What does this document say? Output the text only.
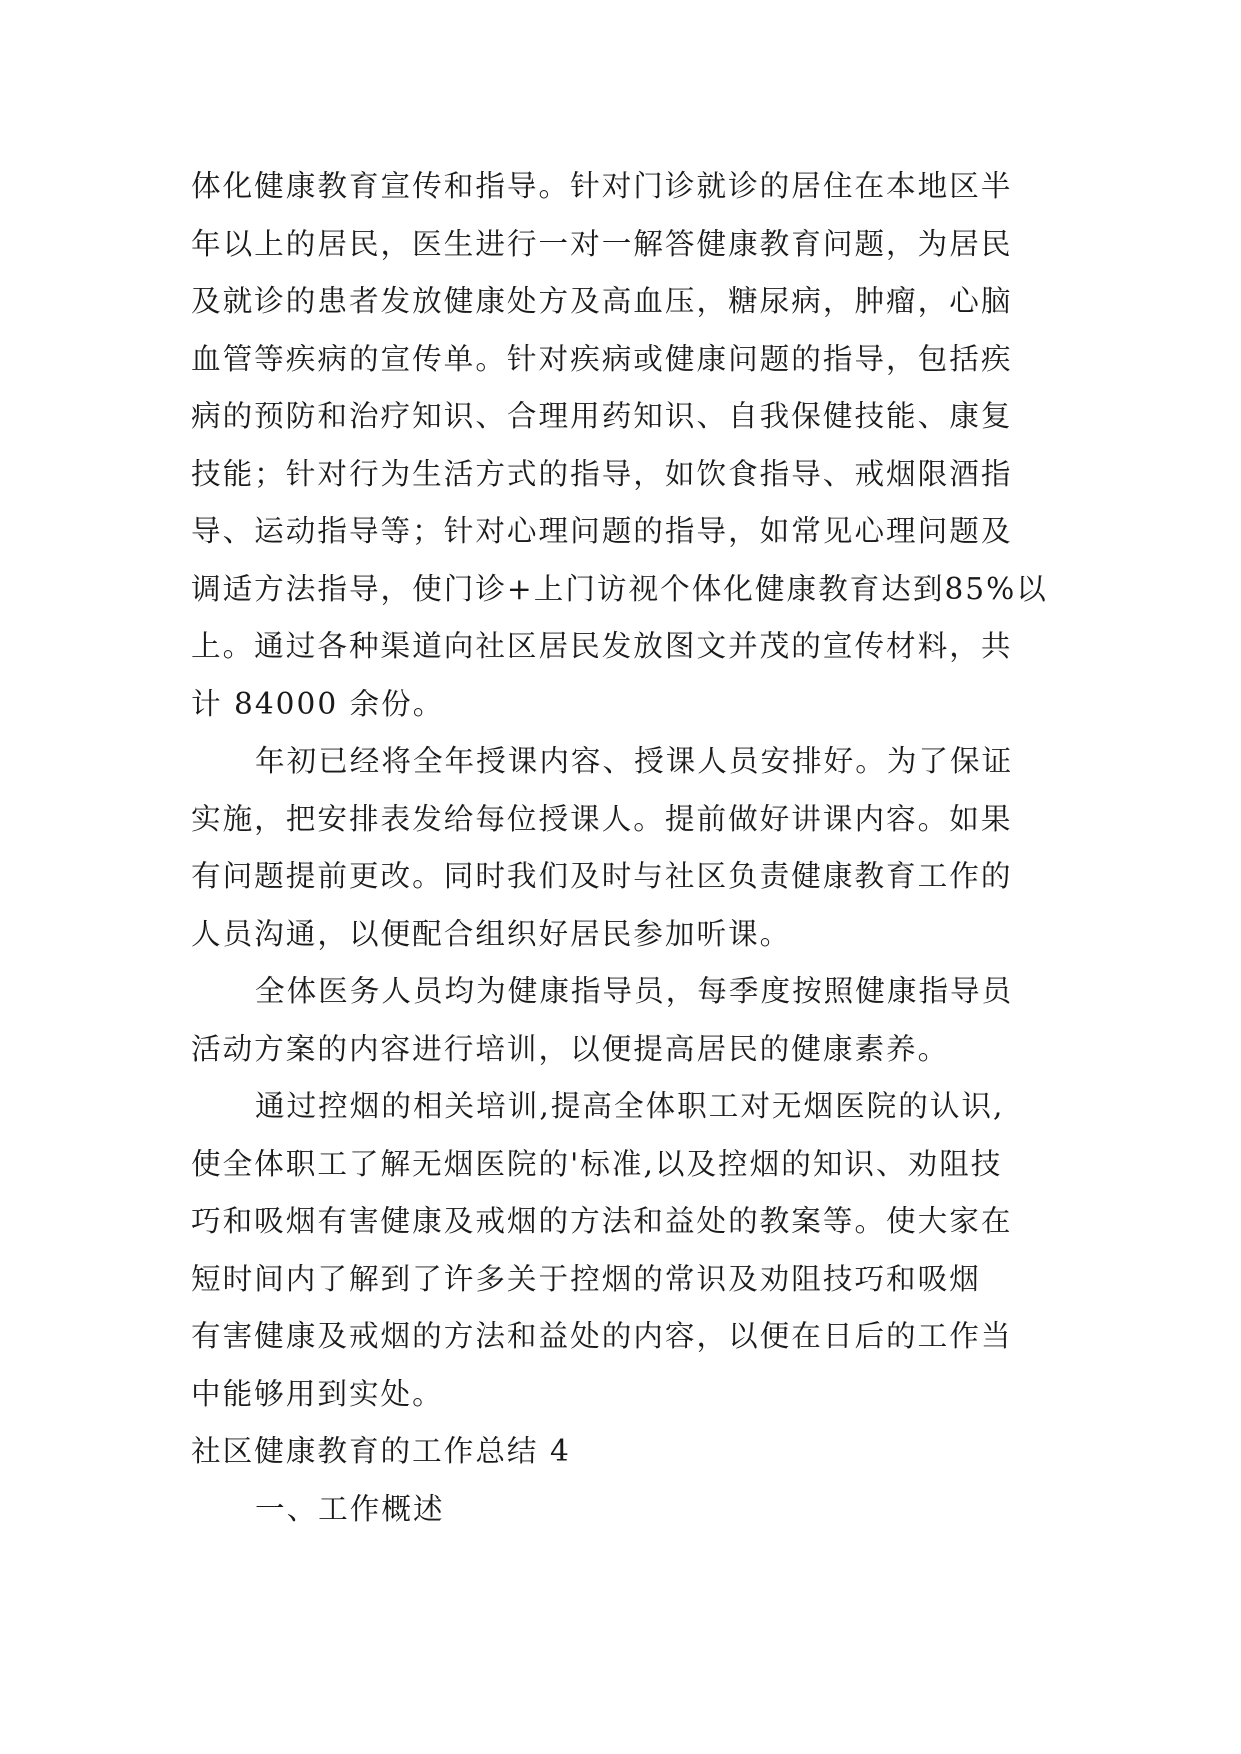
体化健康教育宣传和指导。针对门诊就诊的居住在本地区半
年以上的居民，医生进行一对一解答健康教育问题，为居民
及就诊的患者发放健康处方及高血压，糖尿病，肿瘤，心脑
血管等疾病的宣传单。针对疾病或健康问题的指导，包括疾
病的预防和治疗知识、合理用药知识、自我保健技能、康复
技能；针对行为生活方式的指导，如饮食指导、戒烟限酒指
导、运动指导等；针对心理问题的指导，如常见心理问题及
调适方法指导，使门诊+上门访视个体化健康教育达到85%以
上。通过各种渠道向社区居民发放图文并茂的宣传材料，共
计 84000 余份。
年初已经将全年授课内容、授课人员安排好。为了保证
实施，把安排表发给每位授课人。提前做好讲课内容。如果
有问题提前更改。同时我们及时与社区负责健康教育工作的
人员沟通，以便配合组织好居民参加听课。
全体医务人员均为健康指导员，每季度按照健康指导员
活动方案的内容进行培训，以便提高居民的健康素养。
通过控烟的相关培训,提高全体职工对无烟医院的认识,
使全体职工了解无烟医院的'标准,以及控烟的知识、劝阻技
巧和吸烟有害健康及戒烟的方法和益处的教案等。使大家在
短时间内了解到了许多关于控烟的常识及劝阻技巧和吸烟
有害健康及戒烟的方法和益处的内容，以便在日后的工作当
中能够用到实处。
社区健康教育的工作总结 4
一、工作概述
